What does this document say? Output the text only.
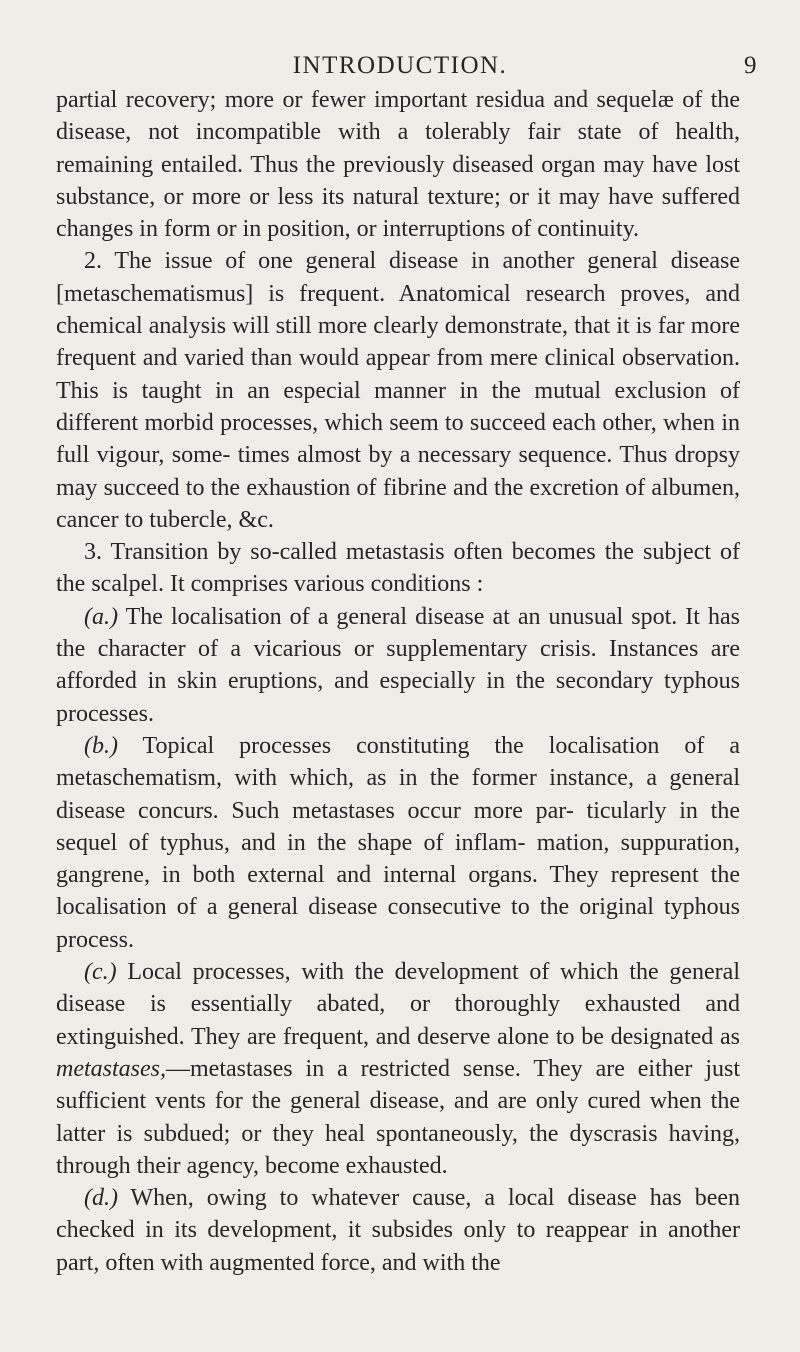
INTRODUCTION.	9

partial recovery; more or fewer important residua and sequelæ of the disease, not incompatible with a tolerably fair state of health, remaining entailed. Thus the previously diseased organ may have lost substance, or more or less its natural texture; or it may have suffered changes in form or in position, or interruptions of continuity.

2. The issue of one general disease in another general disease [metaschematismus] is frequent. Anatomical research proves, and chemical analysis will still more clearly demonstrate, that it is far more frequent and varied than would appear from mere clinical observation. This is taught in an especial manner in the mutual exclusion of different morbid processes, which seem to succeed each other, when in full vigour, some- times almost by a necessary sequence. Thus dropsy may succeed to the exhaustion of fibrine and the excretion of albumen, cancer to tubercle, &c.

3. Transition by so-called metastasis often becomes the subject of the scalpel. It comprises various conditions :

(a.) The localisation of a general disease at an unusual spot. It has the character of a vicarious or supplementary crisis. Instances are afforded in skin eruptions, and especially in the secondary typhous processes.

(b.) Topical processes constituting the localisation of a metaschematism, with which, as in the former instance, a general disease concurs. Such metastases occur more par- ticularly in the sequel of typhus, and in the shape of inflam- mation, suppuration, gangrene, in both external and internal organs. They represent the localisation of a general disease consecutive to the original typhous process.

(c.) Local processes, with the development of which the general disease is essentially abated, or thoroughly exhausted and extinguished. They are frequent, and deserve alone to be designated as metastases,—metastases in a restricted sense. They are either just sufficient vents for the general disease, and are only cured when the latter is subdued; or they heal spontaneously, the dyscrasis having, through their agency, become exhausted.

(d.) When, owing to whatever cause, a local disease has been checked in its development, it subsides only to reappear in another part, often with augmented force, and with the
